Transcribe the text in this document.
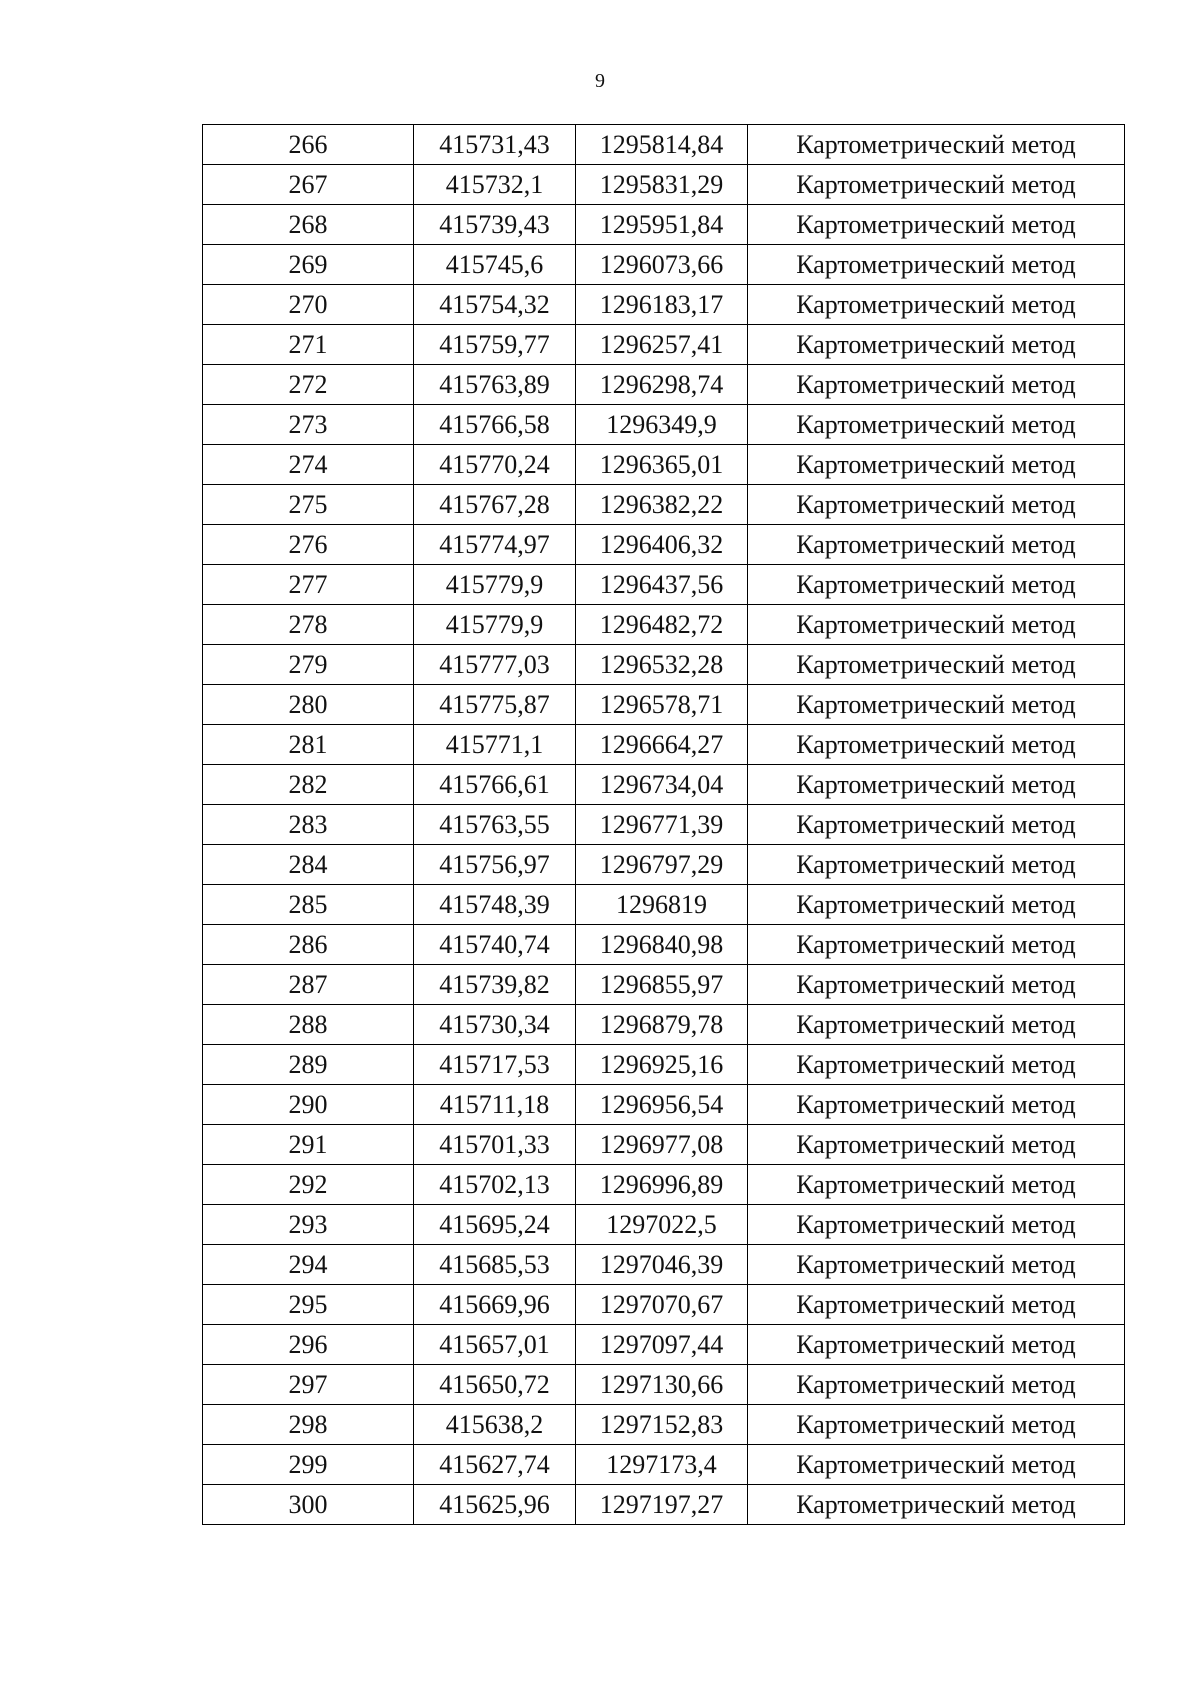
9
266	415731,43	1295814,84	Картометрический метод
267	415732,1	1295831,29	Картометрический метод
268	415739,43	1295951,84	Картометрический метод
269	415745,6	1296073,66	Картометрический метод
270	415754,32	1296183,17	Картометрический метод
271	415759,77	1296257,41	Картометрический метод
272	415763,89	1296298,74	Картометрический метод
273	415766,58	1296349,9	Картометрический метод
274	415770,24	1296365,01	Картометрический метод
275	415767,28	1296382,22	Картометрический метод
276	415774,97	1296406,32	Картометрический метод
277	415779,9	1296437,56	Картометрический метод
278	415779,9	1296482,72	Картометрический метод
279	415777,03	1296532,28	Картометрический метод
280	415775,87	1296578,71	Картометрический метод
281	415771,1	1296664,27	Картометрический метод
282	415766,61	1296734,04	Картометрический метод
283	415763,55	1296771,39	Картометрический метод
284	415756,97	1296797,29	Картометрический метод
285	415748,39	1296819	Картометрический метод
286	415740,74	1296840,98	Картометрический метод
287	415739,82	1296855,97	Картометрический метод
288	415730,34	1296879,78	Картометрический метод
289	415717,53	1296925,16	Картометрический метод
290	415711,18	1296956,54	Картометрический метод
291	415701,33	1296977,08	Картометрический метод
292	415702,13	1296996,89	Картометрический метод
293	415695,24	1297022,5	Картометрический метод
294	415685,53	1297046,39	Картометрический метод
295	415669,96	1297070,67	Картометрический метод
296	415657,01	1297097,44	Картометрический метод
297	415650,72	1297130,66	Картометрический метод
298	415638,2	1297152,83	Картометрический метод
299	415627,74	1297173,4	Картометрический метод
300	415625,96	1297197,27	Картометрический метод
